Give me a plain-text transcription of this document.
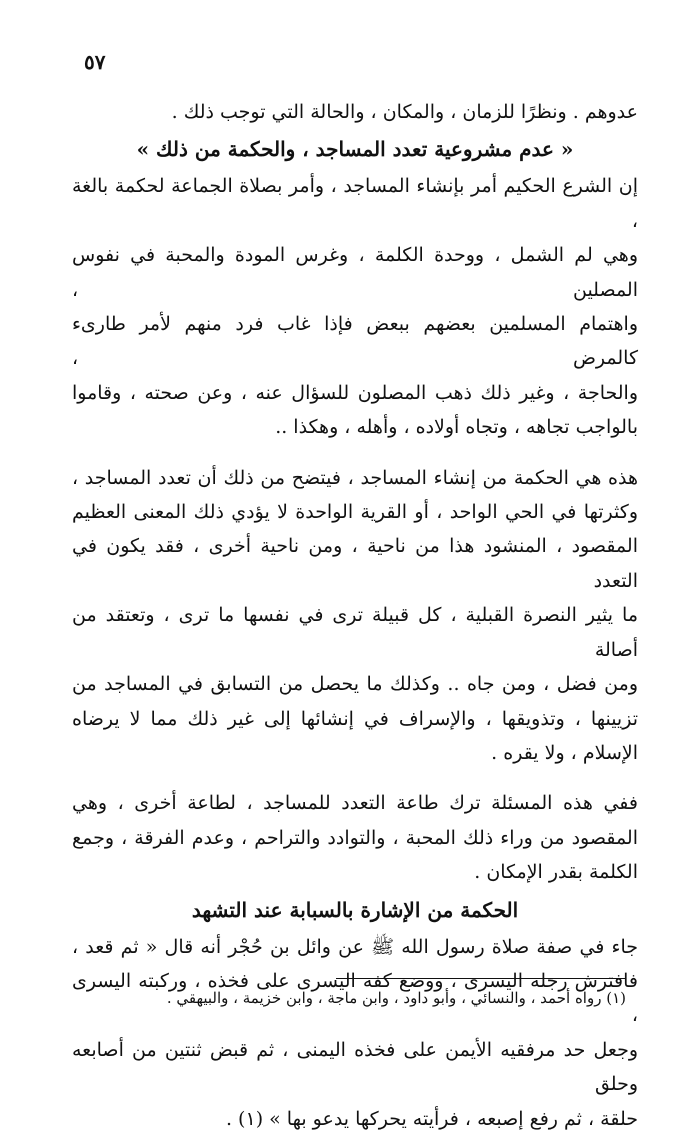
٥٧

عدوهم . ونظرًا للزمان ، والمكان ، والحالة التي توجب ذلك .

« عدم مشروعية تعدد المساجد ، والحكمة من ذلك »

إن الشرع الحكيم أمر بإنشاء المساجد ، وأمر بصلاة الجماعة لحكمة بالغة ،
وهي لم الشمل ، ووحدة الكلمة ، وغرس المودة والمحبة في نفوس المصلين ،
واهتمام المسلمين بعضهم ببعض فإذا غاب فرد منهم لأمر طارىء كالمرض ،
والحاجة ، وغير ذلك ذهب المصلون للسؤال عنه ، وعن صحته ، وقاموا
بالواجب تجاهه ، وتجاه أولاده ، وأهله ، وهكذا ..

هذه هي الحكمة من إنشاء المساجد ، فيتضح من ذلك أن تعدد المساجد ،
وكثرتها في الحي الواحد ، أو القرية الواحدة لا يؤدي ذلك المعنى العظيم
المقصود ، المنشود هذا من ناحية ، ومن ناحية أخرى ، فقد يكون في التعدد
ما يثير النصرة القبلية ، كل قبيلة ترى في نفسها ما ترى ، وتعتقد من أصالة
ومن فضل ، ومن جاه .. وكذلك ما يحصل من التسابق في المساجد من
تزيينها ، وتذويقها ، والإسراف في إنشائها إلى غير ذلك مما لا يرضاه
الإسلام ، ولا يقره .

ففي هذه المسئلة ترك طاعة التعدد للمساجد ، لطاعة أخرى ، وهي
المقصود من وراء ذلك المحبة ، والتوادد والتراحم ، وعدم الفرقة ، وجمع
الكلمة بقدر الإمكان .

الحكمة من الإشارة بالسبابة عند التشهد

جاء في صفة صلاة رسول الله ﷺ عن وائل بن حُجْر أنه قال « ثم قعد ،
فافترش رجله اليسرى ، ووضع كفه اليسرى على فخذه ، وركبته اليسرى ،
وجعل حد مرفقيه الأيمن على فخذه اليمنى ، ثم قبض ثنتين من أصابعه وحلق
حلقة ، ثم رفع إصبعه ، فرأيته يحركها يدعو بها » (١) .

(١) رواه أحمد ، والنسائي ، وأبو داود ، وابن ماجة ، وابن خزيمة ، والبيهقي .
